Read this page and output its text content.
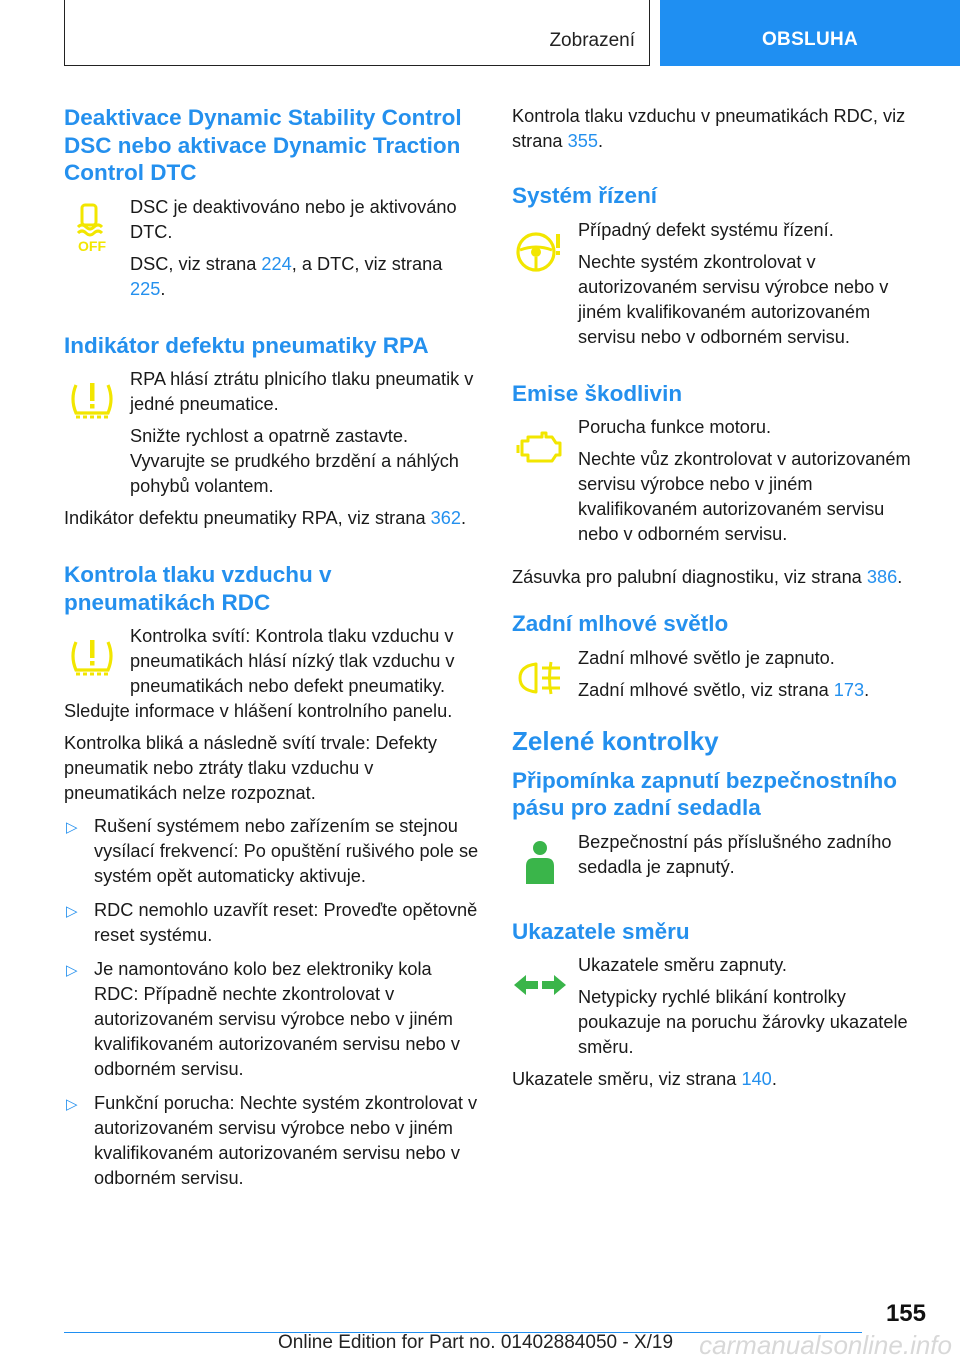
Zobrazení	OBSLUHA
Deaktivace Dynamic Stability Control DSC nebo aktivace Dynamic Traction Control DTC
OFF

DSC je deaktivováno nebo je aktivováno DTC.

DSC, viz strana 224, a DTC, viz strana 225.

Indikátor defektu pneumatiky RPA

RPA hlásí ztrátu plnicího tlaku pneumatik v jedné pneumatice.

Snižte rychlost a opatrně zastavte. Vyvarujte se prudkého brzdění a náhlých pohybů volantem.

Indikátor defektu pneumatiky RPA, viz strana 362.

Kontrola tlaku vzduchu v pneumatikách RDC

Kontrolka svítí: Kontrola tlaku vzduchu v pneumatikách hlásí nízký tlak vzduchu v pneumatikách nebo defekt pneumatiky.

Sledujte informace v hlášení kontrolního panelu.

Kontrolka bliká a následně svítí trvale: Defekty pneumatik nebo ztráty tlaku vzduchu v pneumatikách nelze rozpoznat.

▷ Rušení systémem nebo zařízením se stejnou vysílací frekvencí: Po opuštění rušivého pole se systém opět automaticky aktivuje.
▷ RDC nemohlo uzavřít reset: Proveďte opětovně reset systému.
▷ Je namontováno kolo bez elektroniky kola RDC: Případně nechte zkontrolovat v autorizovaném servisu výrobce nebo v jiném kvalifikovaném autorizovaném servisu nebo v odborném servisu.
▷ Funkční porucha: Nechte systém zkontrolovat v autorizovaném servisu výrobce nebo v jiném kvalifikovaném autorizovaném servisu nebo v odborném servisu.

Kontrola tlaku vzduchu v pneumatikách RDC, viz strana 355.

Systém řízení

Případný defekt systému řízení.

Nechte systém zkontrolovat v autorizovaném servisu výrobce nebo v jiném kvalifikovaném autorizovaném servisu nebo v odborném servisu.

Emise škodlivin

Porucha funkce motoru.

Nechte vůz zkontrolovat v autorizovaném servisu výrobce nebo v jiném kvalifikovaném autorizovaném servisu nebo v odborném servisu.

Zásuvka pro palubní diagnostiku, viz strana 386.

Zadní mlhové světlo

Zadní mlhové světlo je zapnuto.

Zadní mlhové světlo, viz strana 173.

Zelené kontrolky
Připomínka zapnutí bezpečnostního pásu pro zadní sedadla

Bezpečnostní pás příslušného zadního sedadla je zapnutý.

Ukazatele směru

Ukazatele směru zapnuty.

Netypicky rychlé blikání kontrolky poukazuje na poruchu žárovky ukazatele směru.

Ukazatele směru, viz strana 140.

155
Online Edition for Part no. 01402884050 - X/19 carmanualsonline.info
